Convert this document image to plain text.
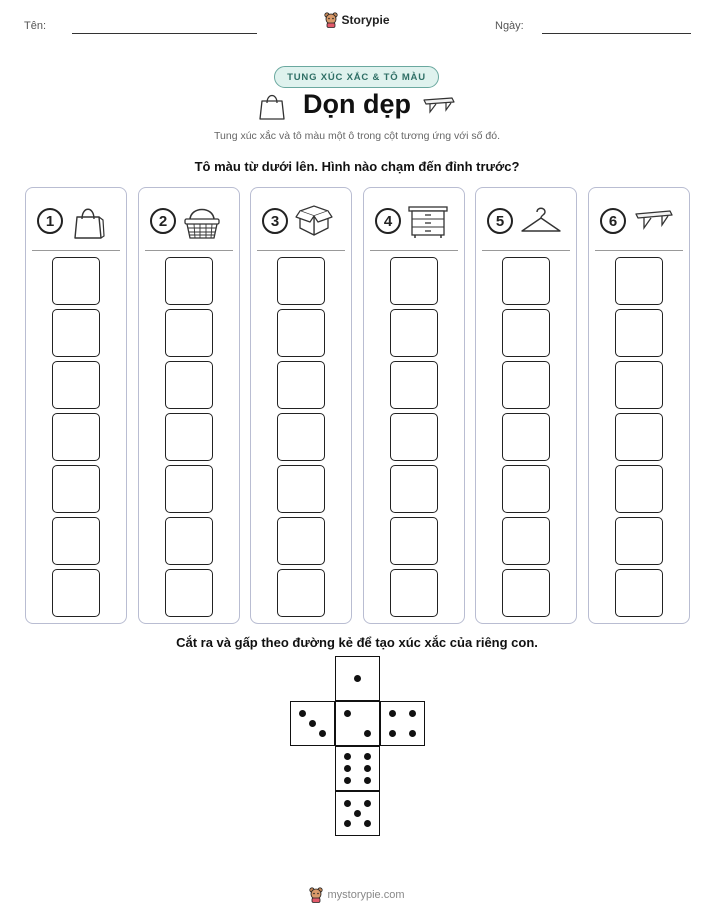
Tên:	Ngày:
Storypie
TUNG XÚC XẮC & TÔ MÀU
Dọn dẹp
Tung xúc xắc và tô màu một ô trong cột tương ứng với số đó.
Tô màu từ dưới lên. Hình nào chạm đến đỉnh trước?
1	2	3	4	5	6
Cắt ra và gấp theo đường kẻ để tạo xúc xắc của riêng con.
mystorypie.com
